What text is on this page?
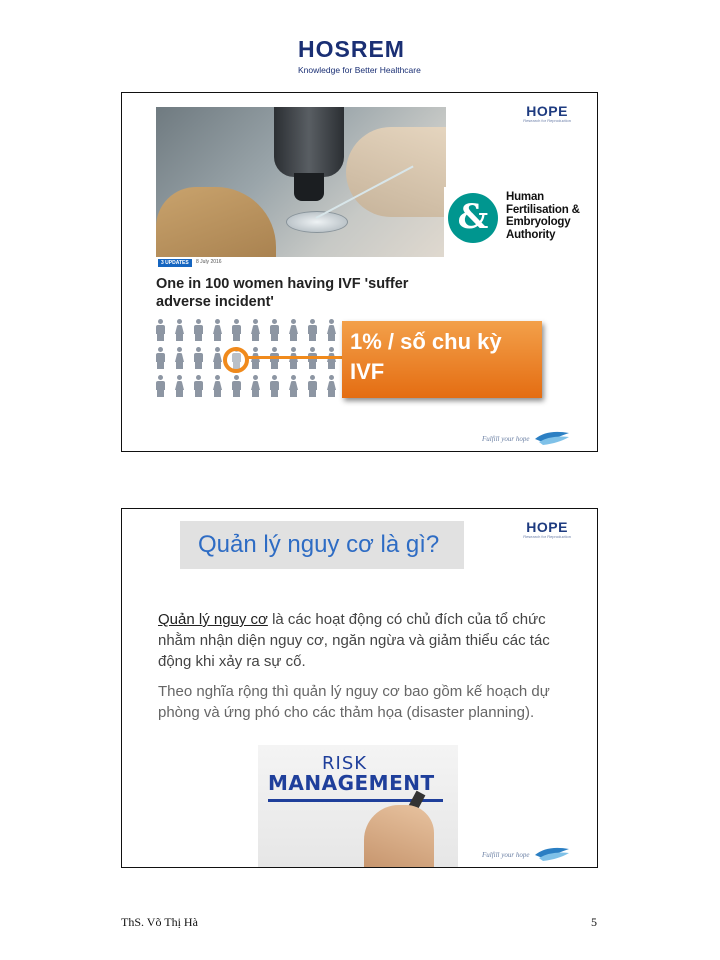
HOSREM
Knowledge for Better Healthcare
3 UPDATES	8 July 2016
One in 100 women having IVF 'suffer
adverse incident'
&	Human
Fertilisation &
Embryology
Authority
HOPE
Research for Reproduction
1% / số chu kỳ
IVF
Fulfill your hope
Quản lý nguy cơ là gì?
HOPE
Research for Reproduction
Quản lý nguy cơ là các hoạt động có chủ đích của tổ chức nhằm nhận diện nguy cơ, ngăn ngừa và giảm thiểu các tác động khi xảy ra sự cố.
Theo nghĩa rộng thì quản lý nguy cơ bao gồm kế hoạch dự phòng và ứng phó cho các thảm họa (disaster planning).
RISK
MANAGEMENT
Fulfill your hope
ThS. Võ Thị Hà	5
